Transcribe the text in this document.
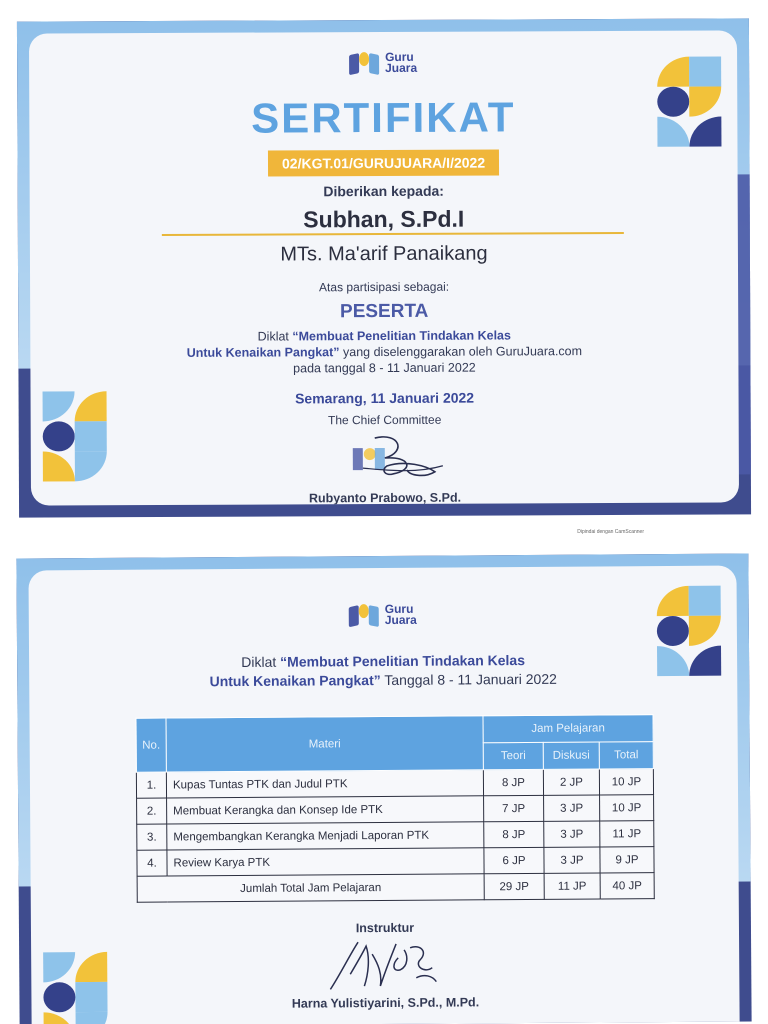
Guru
Juara
SERTIFIKAT
02/KGT.01/GURUJUARA/I/2022
Diberikan kepada:
Subhan, S.Pd.I
MTs. Ma'arif Panaikang
Atas partisipasi sebagai:
PESERTA
Diklat “Membuat Penelitian Tindakan Kelas
Untuk Kenaikan Pangkat” yang diselenggarakan oleh GuruJuara.com
pada tanggal 8 - 11 Januari 2022
Semarang, 11 Januari 2022
The Chief Committee
Rubyanto Prabowo, S.Pd.
Dipindai dengan CamScanner
Guru
Juara
Diklat “Membuat Penelitian Tindakan Kelas
Untuk Kenaikan Pangkat” Tanggal 8 - 11 Januari 2022
No.	Materi	Jam Pelajaran		
		Teori	Diskusi	Total
1.	Kupas Tuntas PTK dan Judul PTK	8 JP	2 JP	10 JP
2.	Membuat Kerangka dan Konsep Ide PTK	7 JP	3 JP	10 JP
3.	Mengembangkan Kerangka Menjadi Laporan PTK	8 JP	3 JP	11 JP
4.	Review Karya PTK	6 JP	3 JP	9 JP
Jumlah Total Jam Pelajaran		29 JP	11 JP	40 JP
Instruktur
Harna Yulistiyarini, S.Pd., M.Pd.
